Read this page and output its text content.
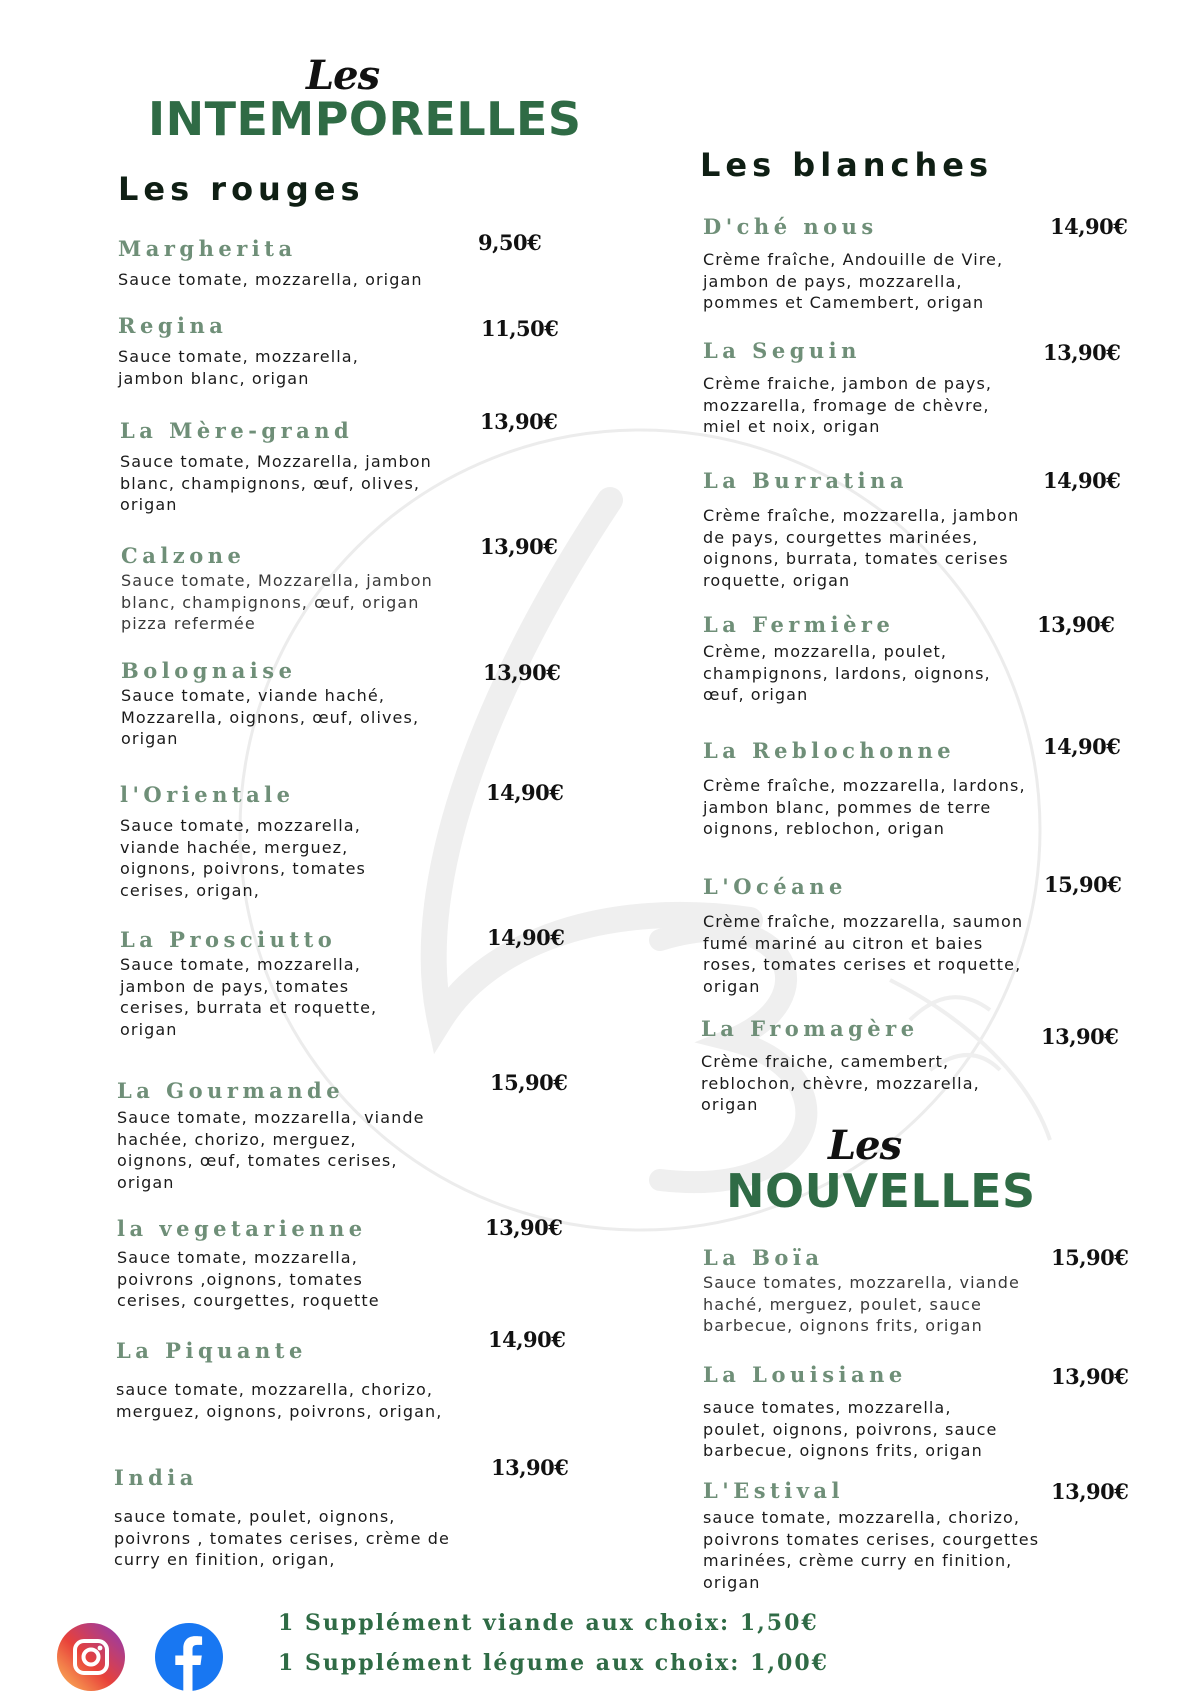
Les
INTEMPORELLES
Les rouges
Les blanches
Les
NOUVELLES
Margherita
Sauce tomate, mozzarella, origan
9,50€
Regina
Sauce tomate, mozzarella,
jambon blanc, origan
11,50€
La Mère-grand
Sauce tomate, Mozzarella, jambon
blanc, champignons, œuf, olives,
origan
13,90€
Calzone
Sauce tomate, Mozzarella, jambon
blanc, champignons, œuf, origan
pizza refermée
13,90€
Bolognaise
Sauce tomate, viande haché,
Mozzarella, oignons, œuf, olives,
origan
13,90€
l'Orientale
Sauce tomate, mozzarella,
viande hachée, merguez,
oignons, poivrons, tomates
cerises, origan,
14,90€
La Prosciutto
Sauce tomate, mozzarella,
jambon de pays, tomates
cerises, burrata et roquette,
origan
14,90€
La Gourmande
Sauce tomate, mozzarella, viande
hachée, chorizo, merguez,
oignons, œuf, tomates cerises,
origan
15,90€
la vegetarienne
Sauce tomate, mozzarella,
poivrons ,oignons, tomates
cerises, courgettes, roquette
13,90€
La Piquante
sauce tomate, mozzarella, chorizo,
merguez, oignons, poivrons, origan,
14,90€
India
sauce tomate, poulet, oignons,
poivrons , tomates cerises, crème de
curry en finition, origan,
13,90€
D'ché nous
Crème fraîche, Andouille de Vire,
jambon de pays, mozzarella,
pommes et Camembert, origan
14,90€
La Seguin
Crème fraiche, jambon de pays,
mozzarella, fromage de chèvre,
miel et noix, origan
13,90€
La Burratina
Crème fraîche, mozzarella, jambon
de pays, courgettes marinées,
oignons, burrata, tomates cerises
roquette, origan
14,90€
La Fermière
Crème, mozzarella, poulet,
champignons, lardons, oignons,
œuf, origan
13,90€
La Reblochonne
Crème fraîche, mozzarella, lardons,
jambon blanc, pommes de terre
oignons, reblochon, origan
14,90€
L'Océane
Crème fraîche, mozzarella, saumon
fumé mariné au citron et baies
roses, tomates cerises et roquette,
origan
15,90€
La Fromagère
Crème fraiche, camembert,
reblochon, chèvre, mozzarella,
origan
13,90€
La Boïa
Sauce tomates, mozzarella, viande
haché, merguez, poulet, sauce
barbecue, oignons frits, origan
15,90€
La Louisiane
sauce tomates, mozzarella,
poulet, oignons, poivrons, sauce
barbecue, oignons frits, origan
13,90€
L'Estival
sauce tomate, mozzarella, chorizo,
poivrons tomates cerises, courgettes
marinées, crème curry en finition,
origan
13,90€
1 Supplément viande aux choix: 1,50€
1 Supplément légume aux choix: 1,00€
